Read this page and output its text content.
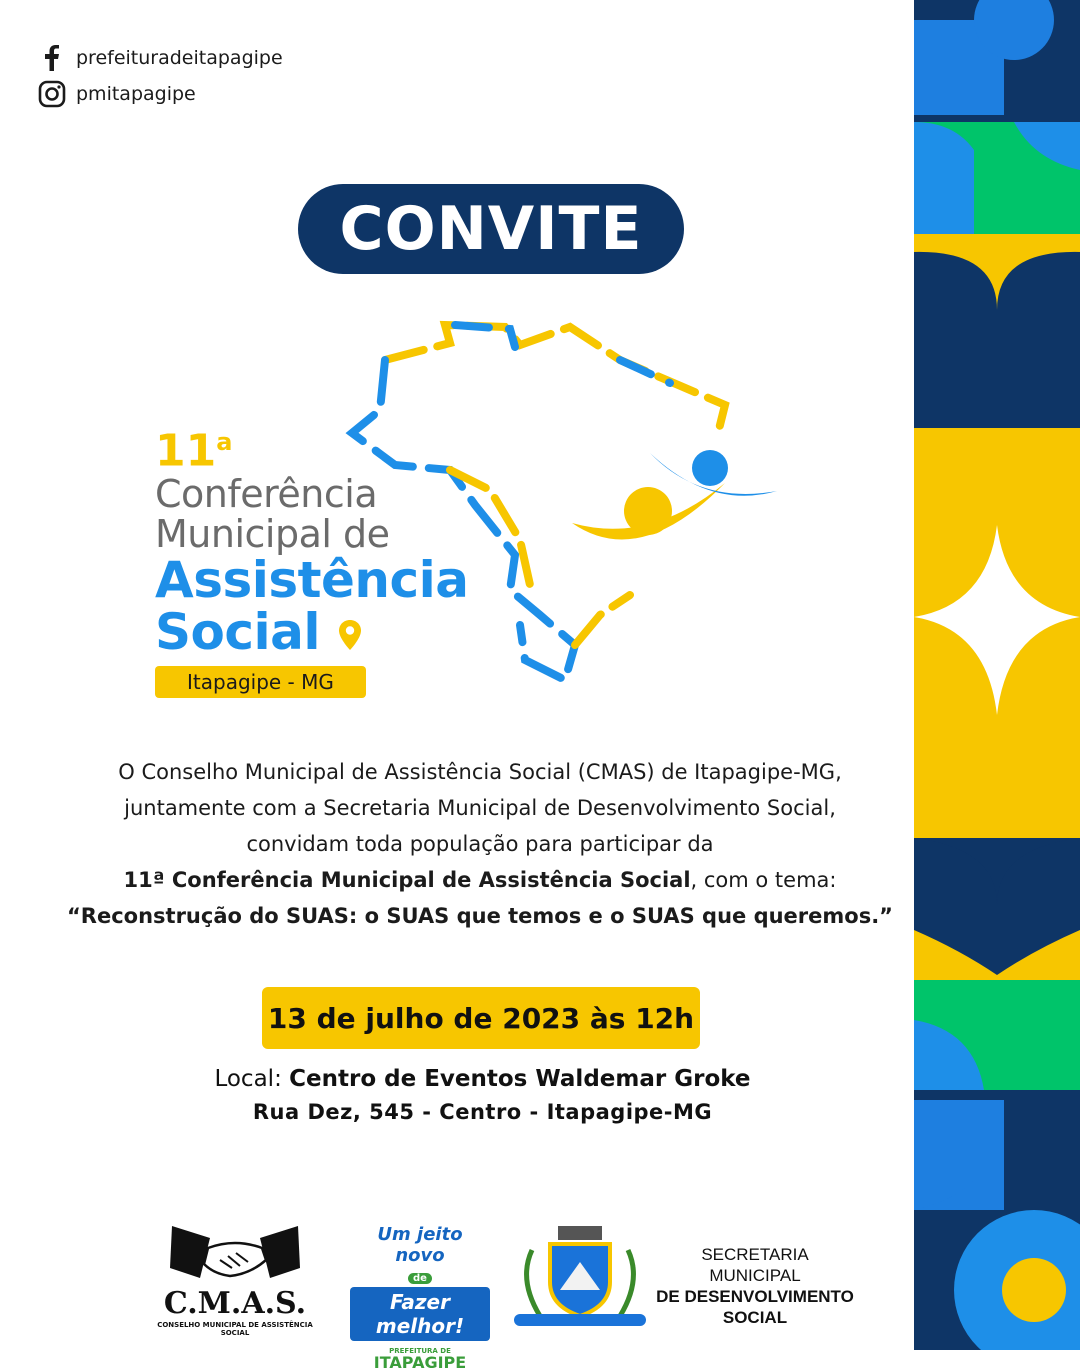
prefeituradeitapagipe
pmitapagipe
CONVITE
11$^a$
Conferência
Municipal de
Assistência
Social
Itapagipe - MG
O Conselho Municipal de Assistência Social (CMAS) de Itapagipe-MG,
juntamente com a Secretaria Municipal de Desenvolvimento Social,
convidam toda população para participar da
11ª Conferência Municipal de Assistência Social, com o tema:
“Reconstrução do SUAS: o SUAS que temos e o SUAS que queremos.”
13 de julho de 2023 às 12h
Local: Centro de Eventos Waldemar Groke
Rua Dez, 545 - Centro - Itapagipe-MG
C.M.A.S.
CONSELHO MUNICIPAL DE ASSISTÊNCIA SOCIAL
Um jeito novo
de
Fazer melhor!
PREFEITURA DE
ITAPAGIPE
SECRETARIA MUNICIPAL
DE DESENVOLVIMENTO
SOCIAL
